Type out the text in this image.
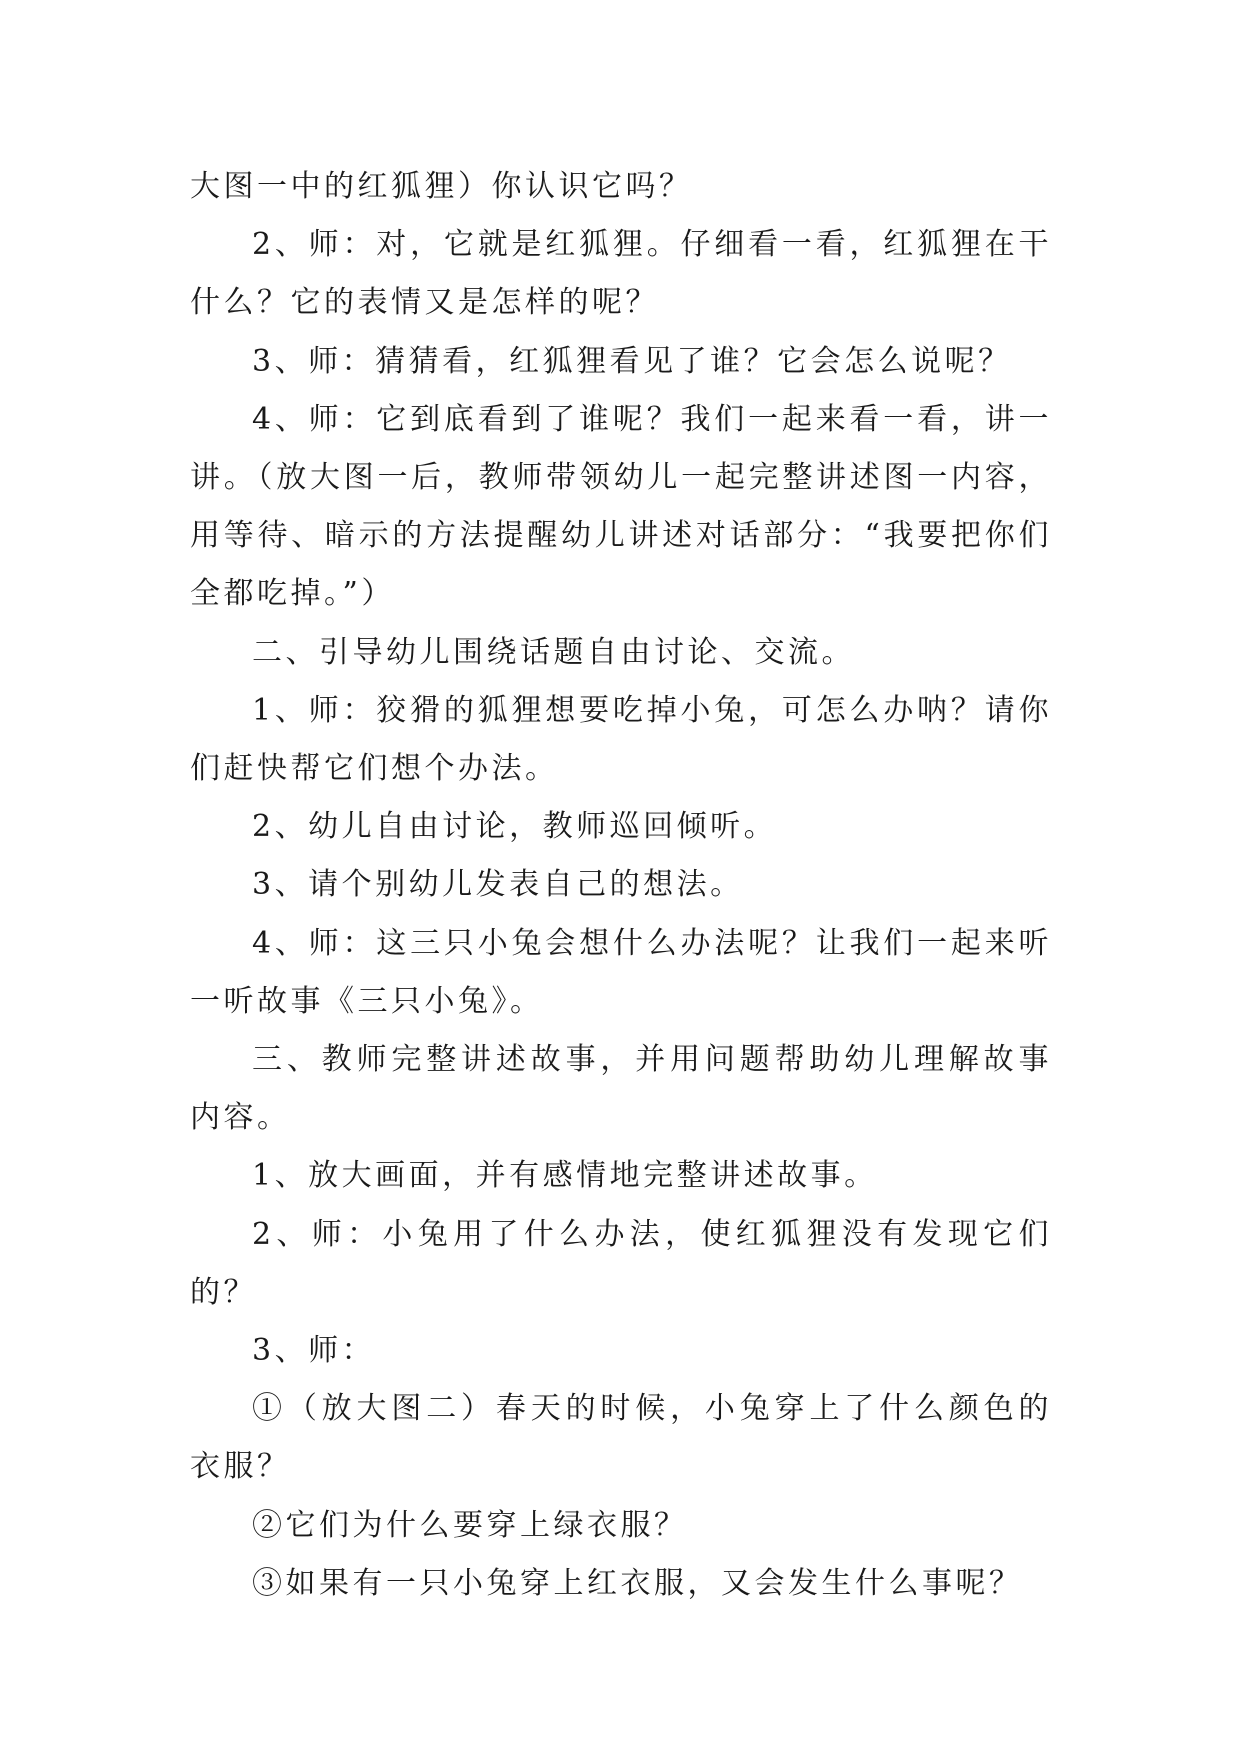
大图一中的红狐狸）你认识它吗？

2、师：对，它就是红狐狸。仔细看一看，红狐狸在干什么？它的表情又是怎样的呢？

3、师：猜猜看，红狐狸看见了谁？它会怎么说呢？

4、师：它到底看到了谁呢？我们一起来看一看，讲一讲。（放大图一后，教师带领幼儿一起完整讲述图一内容，用等待、暗示的方法提醒幼儿讲述对话部分：“我要把你们全都吃掉。”）

二、引导幼儿围绕话题自由讨论、交流。

1、师：狡猾的狐狸想要吃掉小兔，可怎么办呐？请你们赶快帮它们想个办法。

2、幼儿自由讨论，教师巡回倾听。

3、请个别幼儿发表自己的想法。

4、师：这三只小兔会想什么办法呢？让我们一起来听一听故事《三只小兔》。

三、教师完整讲述故事，并用问题帮助幼儿理解故事内容。

1、放大画面，并有感情地完整讲述故事。

2、师：小兔用了什么办法，使红狐狸没有发现它们的？

3、师：

①（放大图二）春天的时候，小兔穿上了什么颜色的衣服？

②它们为什么要穿上绿衣服？

③如果有一只小兔穿上红衣服，又会发生什么事呢？
